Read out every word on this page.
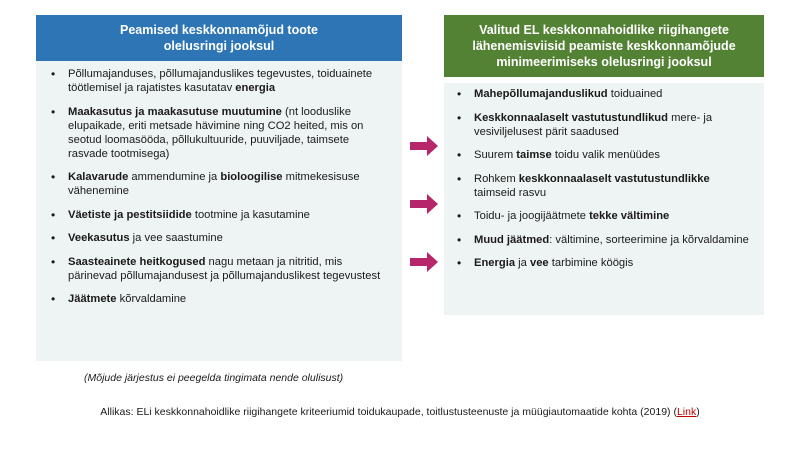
Peamised keskkonnamõjud toote
olelusringi jooksul
• Põllumajanduses, põllumajanduslikes tegevustes, toiduainete töötlemisel ja rajatistes kasutatav energia
• Maakasutus ja maakasutuse muutumine (nt looduslike elupaikade, eriti metsade hävimine ning CO2 heited, mis on seotud loomasööda, põllukultuuride, puuviljade, taimsete rasvade tootmisega)
• Kalavarude ammendumine ja bioloogilise mitmekesisuse vähenemine
• Väetiste ja pestitsiidide tootmine ja kasutamine
• Veekasutus ja vee saastumine
• Saasteainete heitkogused nagu metaan ja nitritid, mis pärinevad põllumajandusest ja põllumajanduslikest tegevustest
• Jäätmete kõrvaldamine
Valitud EL keskkonnahoidlike riigihangete
lähenemisviisid peamiste keskkonnamõjude
minimeerimiseks olelusringi jooksul
• Mahepõllumajanduslikud toiduained
• Keskkonnaalaselt vastutustundlikud mere- ja vesiviljelusest pärit saadused
• Suurem taimse toidu valik menüüdes
• Rohkem keskkonnaalaselt vastutustundlikke taimseid rasvu
• Toidu- ja joogijäätmete tekke vältimine
• Muud jäätmed: vältimine, sorteerimine ja kõrvaldamine
• Energia ja vee tarbimine köögis
(Mõjude järjestus ei peegelda tingimata nende olulisust)
Allikas: ELi keskkonnahoidlike riigihangete kriteeriumid toidukaupade, toitlustusteenuste ja müügiautomaatide kohta (2019) (Link)
